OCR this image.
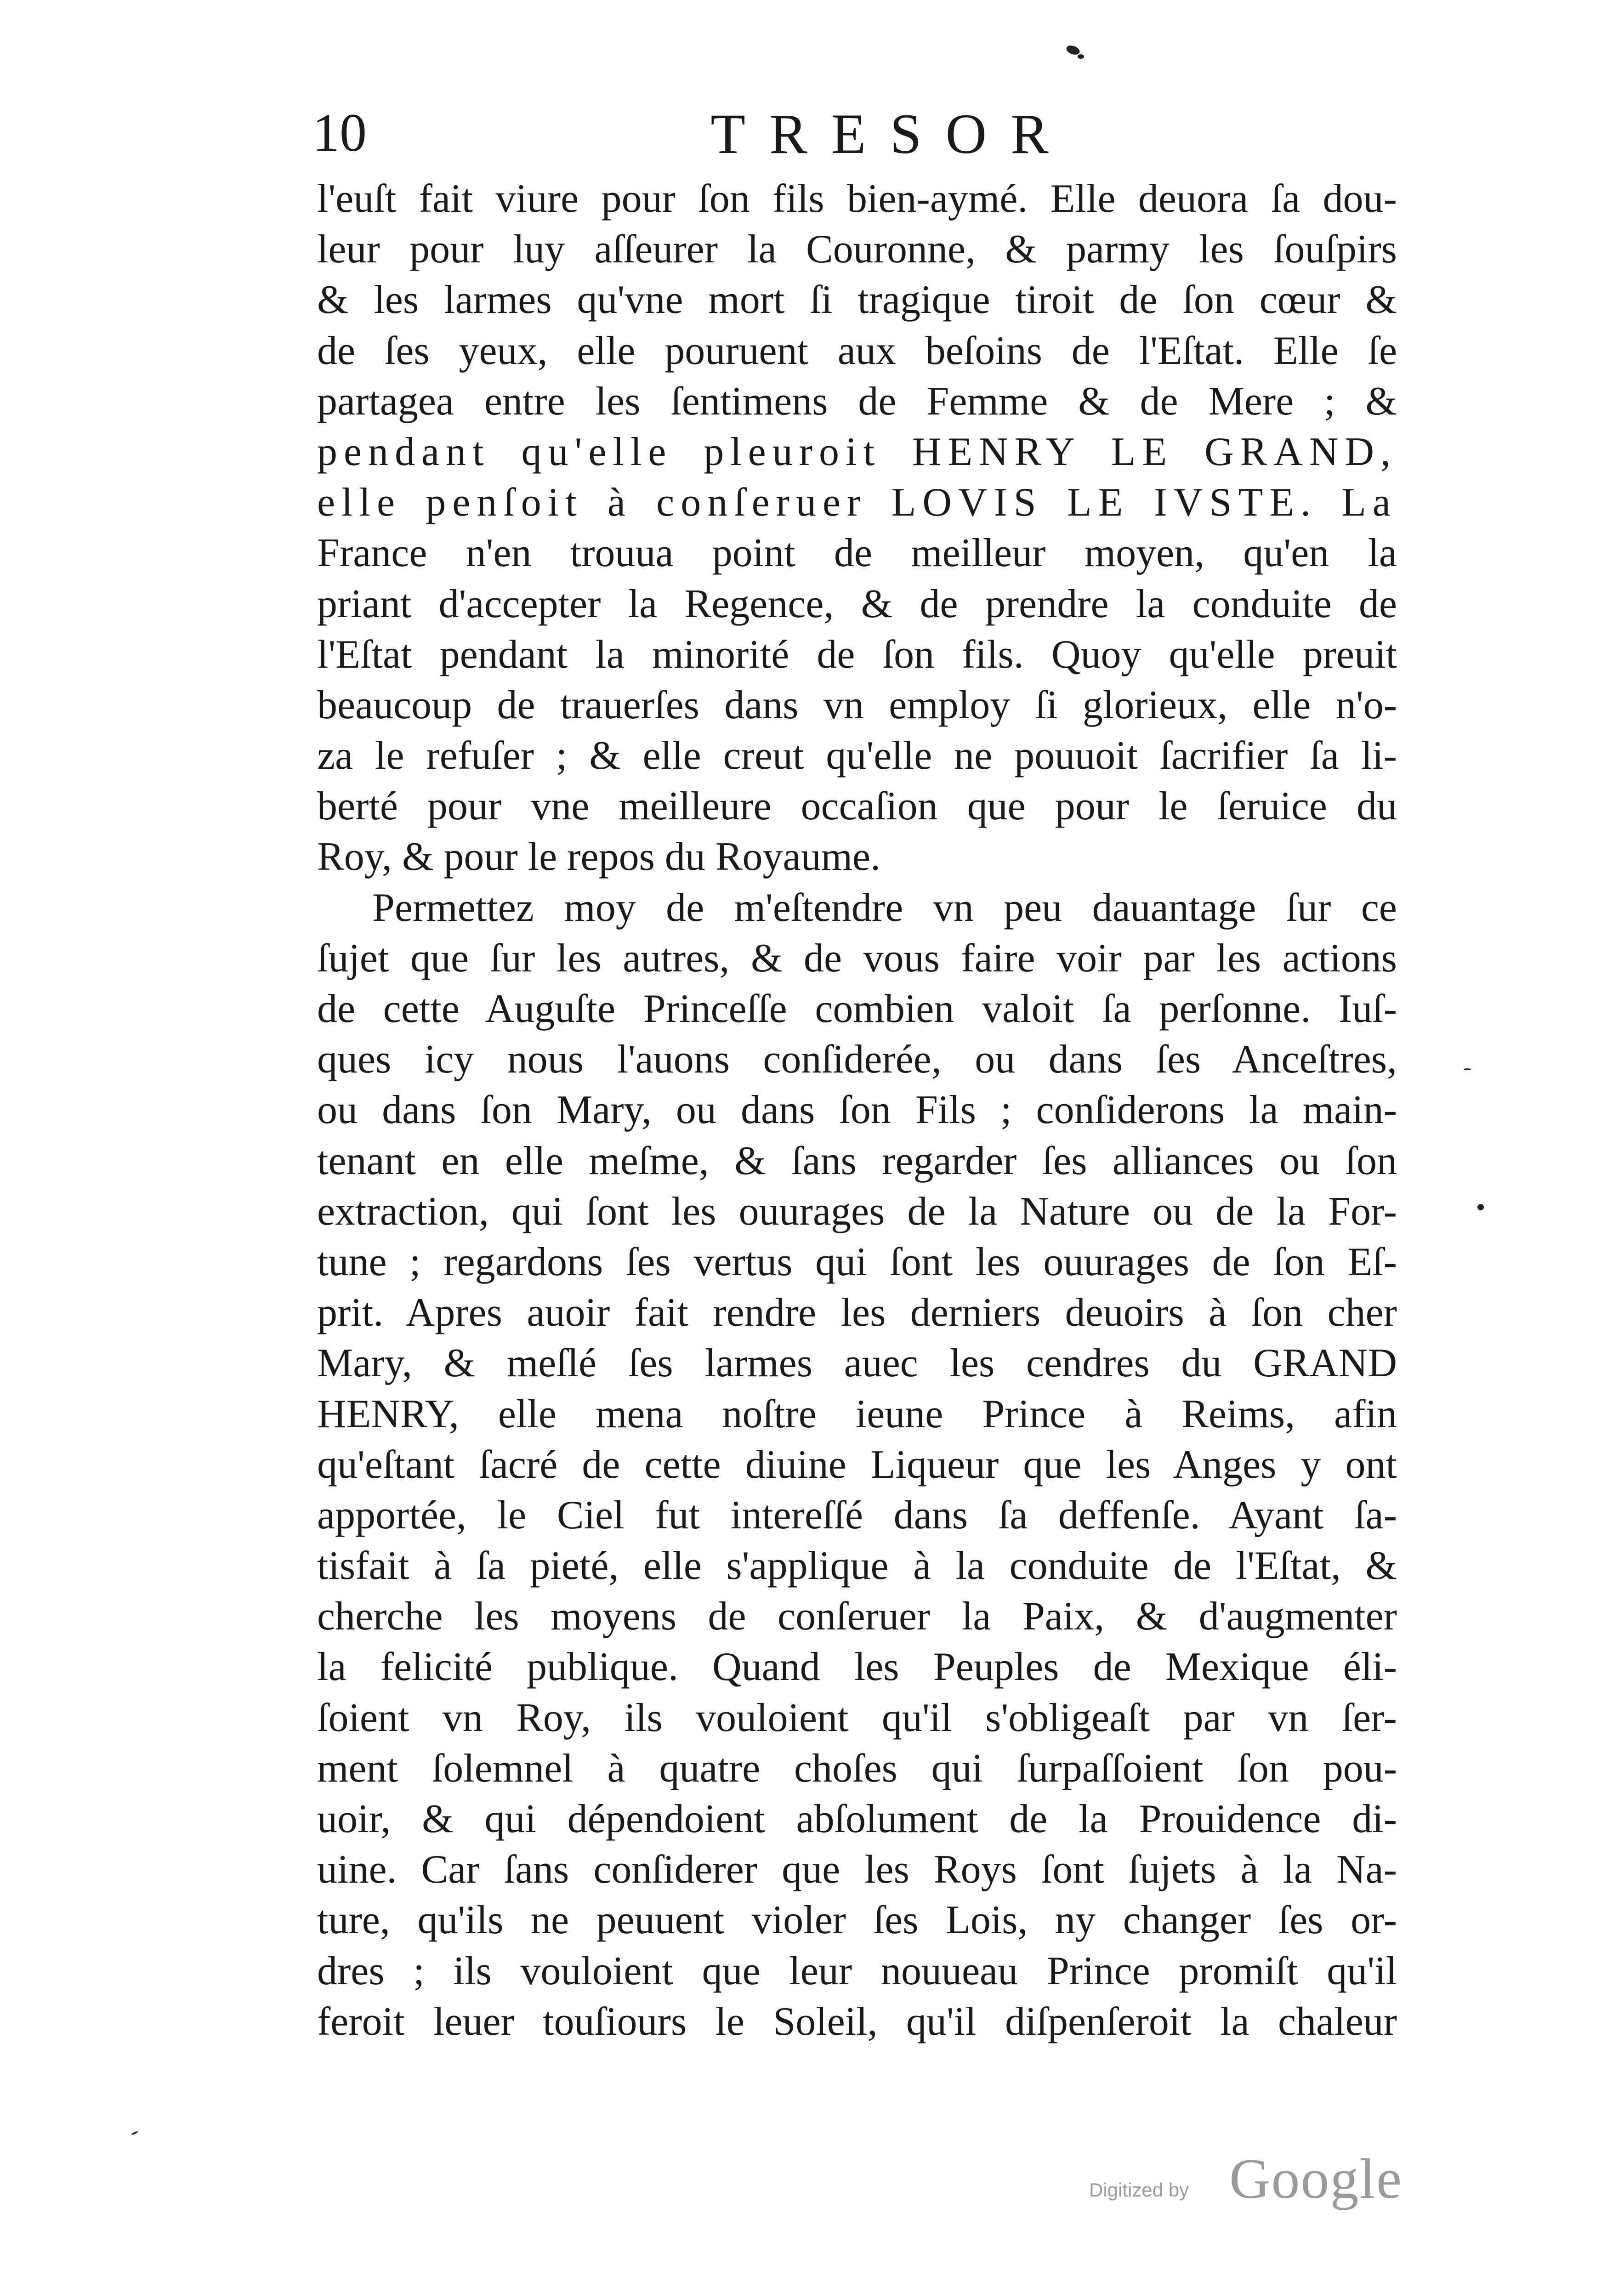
10	TRESOR
l'euſt fait viure pour ſon fils bien-aymé. Elle deuora ſa dou-
leur pour luy aſſeurer la Couronne, & parmy les ſouſpirs
& les larmes qu'vne mort ſi tragique tiroit de ſon cœur &
de ſes yeux, elle pouruent aux beſoins de l'Eſtat. Elle ſe
partagea entre les ſentimens de Femme & de Mere ; &
pendant qu'elle pleuroit HENRY LE GRAND,
elle penſoit à conſeruer LOVIS LE IVSTE. La
France n'en trouua point de meilleur moyen, qu'en la
priant d'accepter la Regence, & de prendre la conduite de
l'Eſtat pendant la minorité de ſon fils. Quoy qu'elle preuit
beaucoup de trauerſes dans vn employ ſi glorieux, elle n'o-
za le refuſer ; & elle creut qu'elle ne pouuoit ſacrifier ſa li-
berté pour vne meilleure occaſion que pour le ſeruice du
Roy, & pour le repos du Royaume.
Permettez moy de m'eſtendre vn peu dauantage ſur ce
ſujet que ſur les autres, & de vous faire voir par les actions
de cette Auguſte Princeſſe combien valoit ſa perſonne. Iuſ-
ques icy nous l'auons conſiderée, ou dans ſes Anceſtres,
ou dans ſon Mary, ou dans ſon Fils ; conſiderons la main-
tenant en elle meſme, & ſans regarder ſes alliances ou ſon
extraction, qui ſont les ouurages de la Nature ou de la For-
tune ; regardons ſes vertus qui ſont les ouurages de ſon Eſ-
prit. Apres auoir fait rendre les derniers deuoirs à ſon cher
Mary, & meſlé ſes larmes auec les cendres du GRAND
HENRY, elle mena noſtre ieune Prince à Reims, afin
qu'eſtant ſacré de cette diuine Liqueur que les Anges y ont
apportée, le Ciel fut intereſſé dans ſa deffenſe. Ayant ſa-
tisfait à ſa pieté, elle s'applique à la conduite de l'Eſtat, &
cherche les moyens de conſeruer la Paix, & d'augmenter
la felicité publique. Quand les Peuples de Mexique éli-
ſoient vn Roy, ils vouloient qu'il s'obligeaſt par vn ſer-
ment ſolemnel à quatre choſes qui ſurpaſſoient ſon pou-
uoir, & qui dépendoient abſolument de la Prouidence di-
uine. Car ſans conſiderer que les Roys ſont ſujets à la Na-
ture, qu'ils ne peuuent violer ſes Lois, ny changer ſes or-
dres ; ils vouloient que leur nouueau Prince promiſt qu'il
feroit leuer touſiours le Soleil, qu'il diſpenſeroit la chaleur
Digitized by Google
